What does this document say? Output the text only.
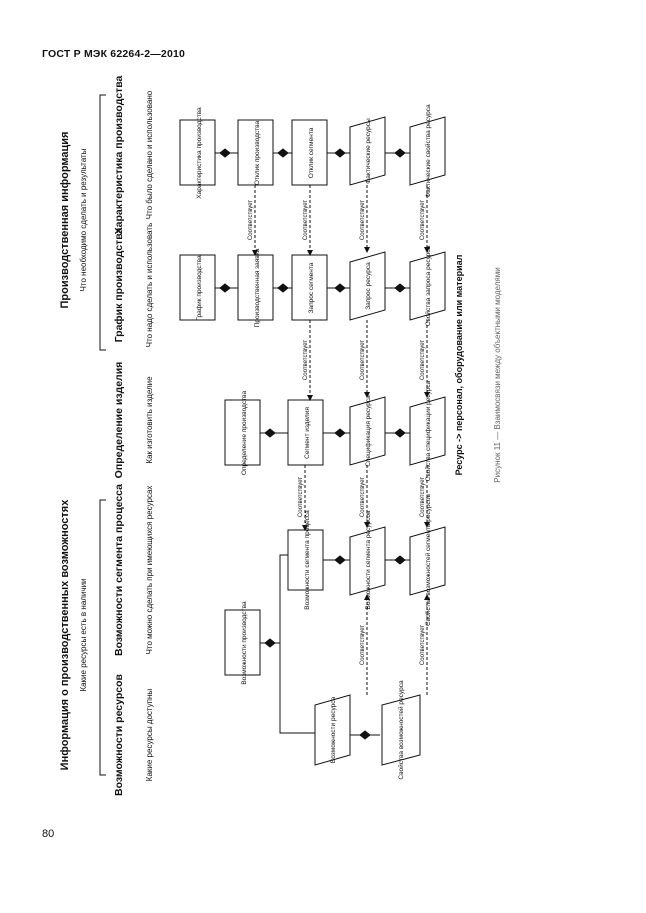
ГОСТ Р МЭК 62264-2—2010
80
Информация о производственных возможностях Какие ресурсы есть в наличии
Производственная информация Что необходимо сделать и результаты
Возможности ресурсов	Какие ресурсы доступны
Возможности сегмента процесса	Что можно сделать при имеющихся ресурсах
Определение изделия	Как изготовить изделие
График производства	Что надо сделать и использовать
Характеристика производства	Что было сделано и использовано
Возможности производства
Возможности ресурса	Свойства возможностей ресурса
Возможности сегмента процесса	Возможности сегмента ресурсов	Свойства возможностей сегмента ресурсов
Определение производства	Сегмент изделия	Спецификация ресурса	Свойства спецификации ресурса
График производства	Производственная заявка	Запрос сегмента	Запрос ресурса	Свойства запроса ресурса
Характеристика производства	Отклик производства	Отклик сегмента	Фактические ресурсы	Фактические свойства ресурса
Соответствует	Соответствует
Соответствует	Соответствует	Соответствует
Соответствует	Соответствует	Соответствует
Соответствует	Соответствует	Соответствует	Соответствует
Ресурс -> персонал, оборудование или материал	Рисунок 11 — Взаимосвязи между объектными моделями
